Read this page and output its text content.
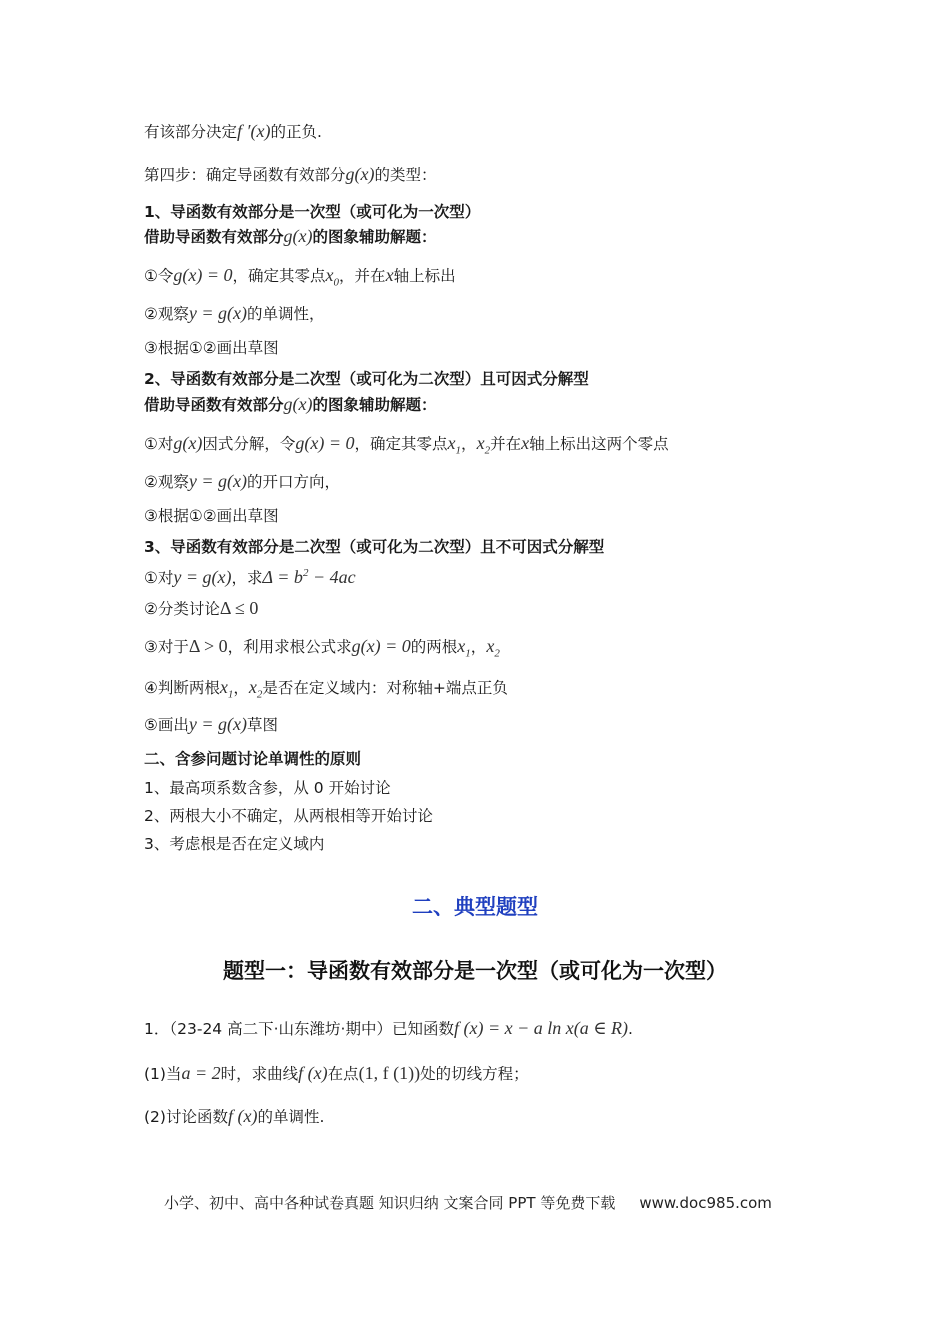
有该部分决定f ′(x)的正负.
第四步：确定导函数有效部分g(x)的类型：
1、导函数有效部分是一次型（或可化为一次型）
借助导函数有效部分g(x)的图象辅助解题：
①令g(x) = 0，确定其零点$x_0$，并在x轴上标出
②观察y = g(x)的单调性，
③根据①②画出草图
2、导函数有效部分是二次型（或可化为二次型）且可因式分解型
借助导函数有效部分g(x)的图象辅助解题：
①对g(x)因式分解，令g(x) = 0，确定其零点$x_1$，$x_2$并在x轴上标出这两个零点
②观察y = g(x)的开口方向，
③根据①②画出草图
3、导函数有效部分是二次型（或可化为二次型）且不可因式分解型
①对y = g(x)，求$\Delta = b^2 - 4ac$
②分类讨论Δ ≤ 0
③对于Δ > 0，利用求根公式求g(x) = 0的两根$x_1$，$x_2$
④判断两根$x_1$，$x_2$是否在定义域内：对称轴+端点正负
⑤画出y = g(x)草图
二、含参问题讨论单调性的原则
1、最高项系数含参，从 0 开始讨论
2、两根大小不确定，从两根相等开始讨论
3、考虑根是否在定义域内
二、典型题型
题型一：导函数有效部分是一次型（或可化为一次型）
1．（23-24 高二下·山东潍坊·期中）已知函数f (x) = x − a ln x(a ∈ R).
(1)当a = 2时，求曲线f (x)在点(1, f (1))处的切线方程；
(2)讨论函数f (x)的单调性.
小学、初中、高中各种试卷真题 知识归纳 文案合同 PPT 等免费下载 www.doc985.com
